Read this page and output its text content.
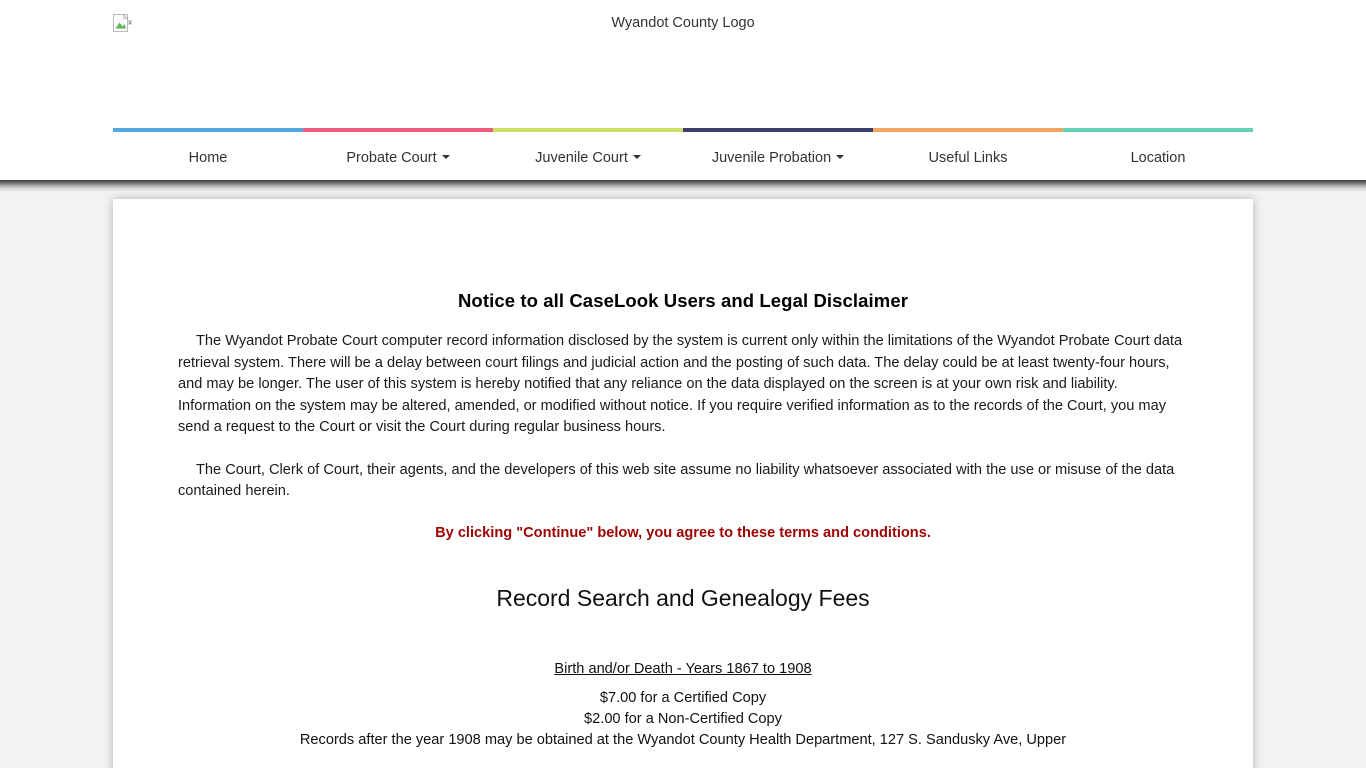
Wyandot County Logo
Home	Probate Court	Juvenile Court	Juvenile Probation	Useful Links	Location
Notice to all CaseLook Users and Legal Disclaimer

The Wyandot Probate Court computer record information disclosed by the system is current only within the limitations of the Wyandot Probate Court data retrieval system. There will be a delay between court filings and judicial action and the posting of such data. The delay could be at least twenty-four hours, and may be longer. The user of this system is hereby notified that any reliance on the data displayed on the screen is at your own risk and liability. Information on the system may be altered, amended, or modified without notice. If you require verified information as to the records of the Court, you may send a request to the Court or visit the Court during regular business hours.

The Court, Clerk of Court, their agents, and the developers of this web site assume no liability whatsoever associated with the use or misuse of the data contained herein.

By clicking "Continue" below, you agree to these terms and conditions.

Record Search and Genealogy Fees

Birth and/or Death - Years 1867 to 1908

$7.00 for a Certified Copy

$2.00 for a Non-Certified Copy

Records after the year 1908 may be obtained at the Wyandot County Health Department, 127 S. Sandusky Ave, Upper
